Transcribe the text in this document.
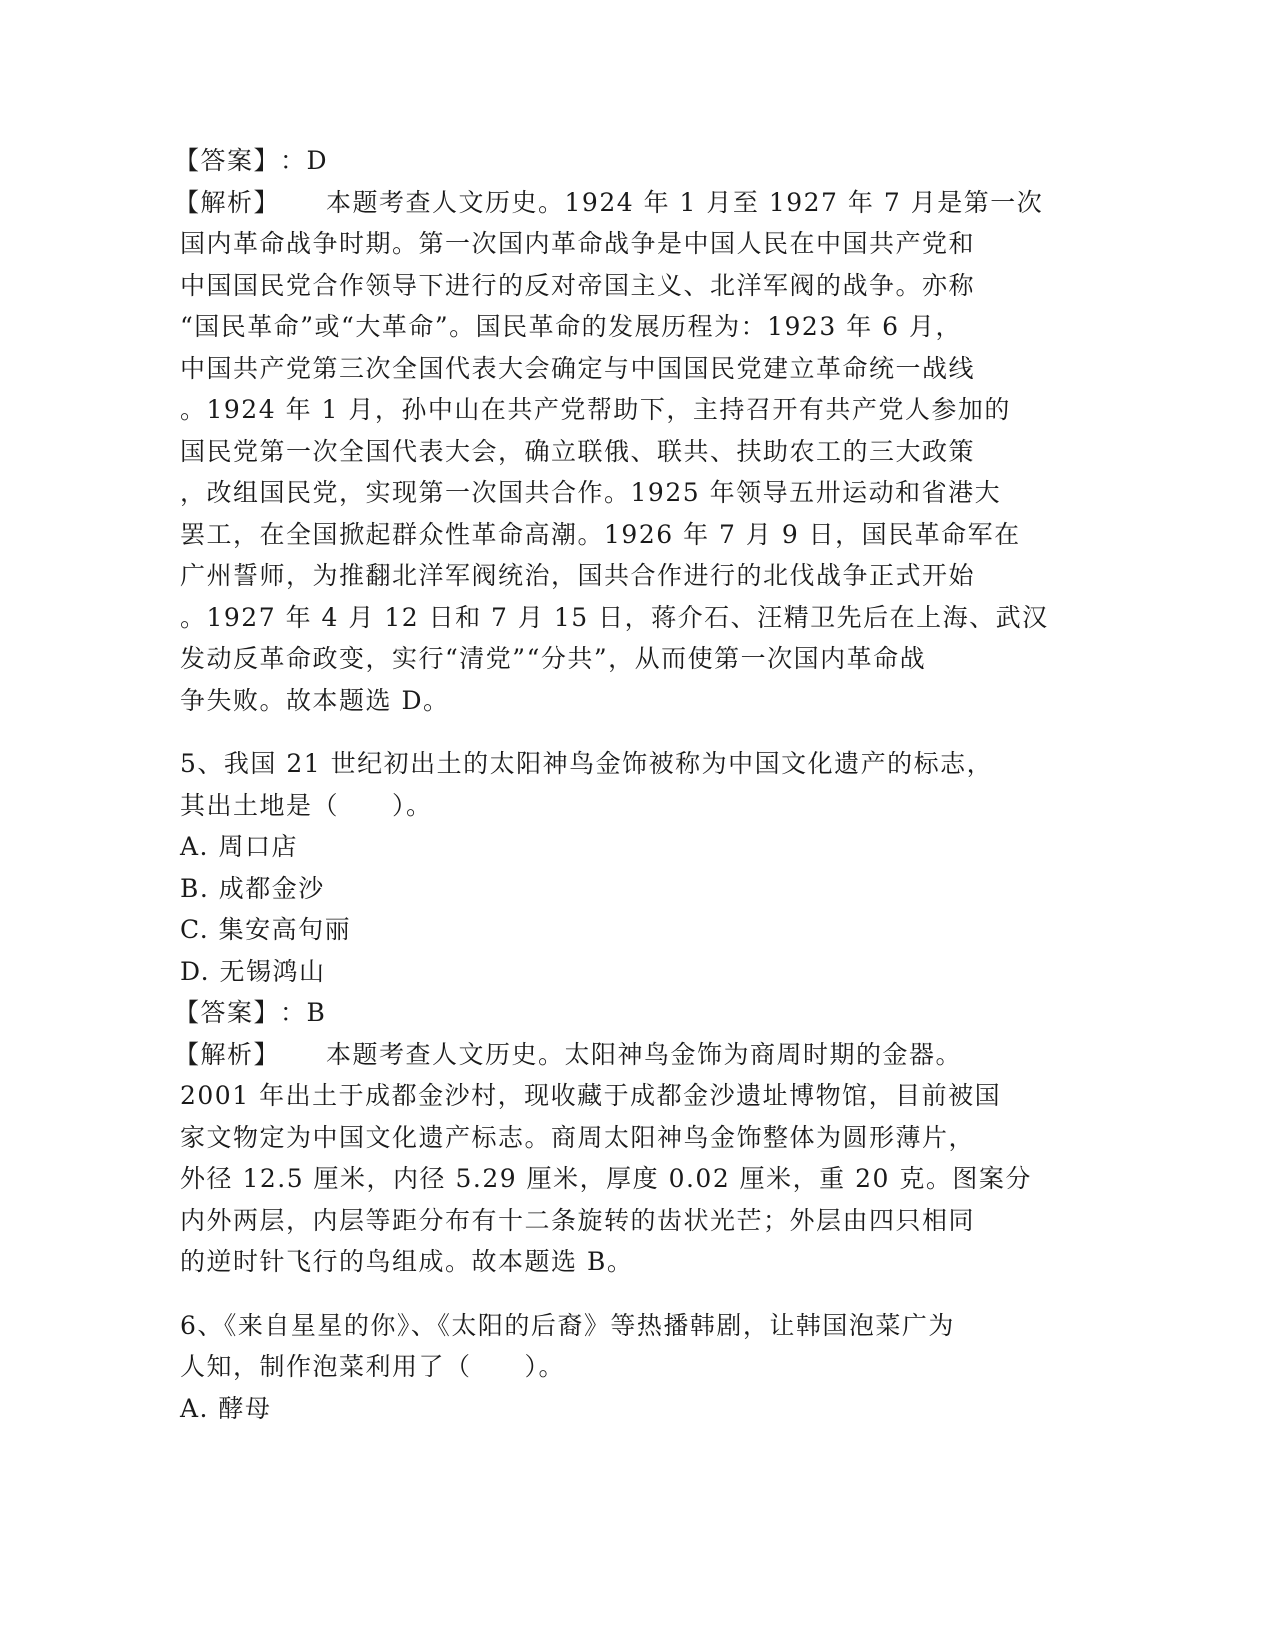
【答案】：D
【解析】 本题考查人文历史。1924 年 1 月至 1927 年 7 月是第一次
国内革命战争时期。第一次国内革命战争是中国人民在中国共产党和
中国国民党合作领导下进行的反对帝国主义、北洋军阀的战争。亦称
“国民革命”或“大革命”。国民革命的发展历程为：1923 年 6 月，
中国共产党第三次全国代表大会确定与中国国民党建立革命统一战线
。1924 年 1 月，孙中山在共产党帮助下，主持召开有共产党人参加的
国民党第一次全国代表大会，确立联俄、联共、扶助农工的三大政策
，改组国民党，实现第一次国共合作。1925 年领导五卅运动和省港大
罢工，在全国掀起群众性革命高潮。1926 年 7 月 9 日，国民革命军在
广州誓师，为推翻北洋军阀统治，国共合作进行的北伐战争正式开始
。1927 年 4 月 12 日和 7 月 15 日，蒋介石、汪精卫先后在上海、武汉
发动反革命政变，实行“清党”“分共”，从而使第一次国内革命战
争失败。故本题选 D。
5、我国 21 世纪初出土的太阳神鸟金饰被称为中国文化遗产的标志，
其出土地是（　　）。
A. 周口店
B. 成都金沙
C. 集安高句丽
D. 无锡鸿山
【答案】：B
【解析】 本题考查人文历史。太阳神鸟金饰为商周时期的金器。
2001 年出土于成都金沙村，现收藏于成都金沙遗址博物馆，目前被国
家文物定为中国文化遗产标志。商周太阳神鸟金饰整体为圆形薄片，
外径 12.5 厘米，内径 5.29 厘米，厚度 0.02 厘米，重 20 克。图案分
内外两层，内层等距分布有十二条旋转的齿状光芒；外层由四只相同
的逆时针飞行的鸟组成。故本题选 B。
6、《来自星星的你》、《太阳的后裔》等热播韩剧，让韩国泡菜广为
人知，制作泡菜利用了（　　）。
A. 酵母
